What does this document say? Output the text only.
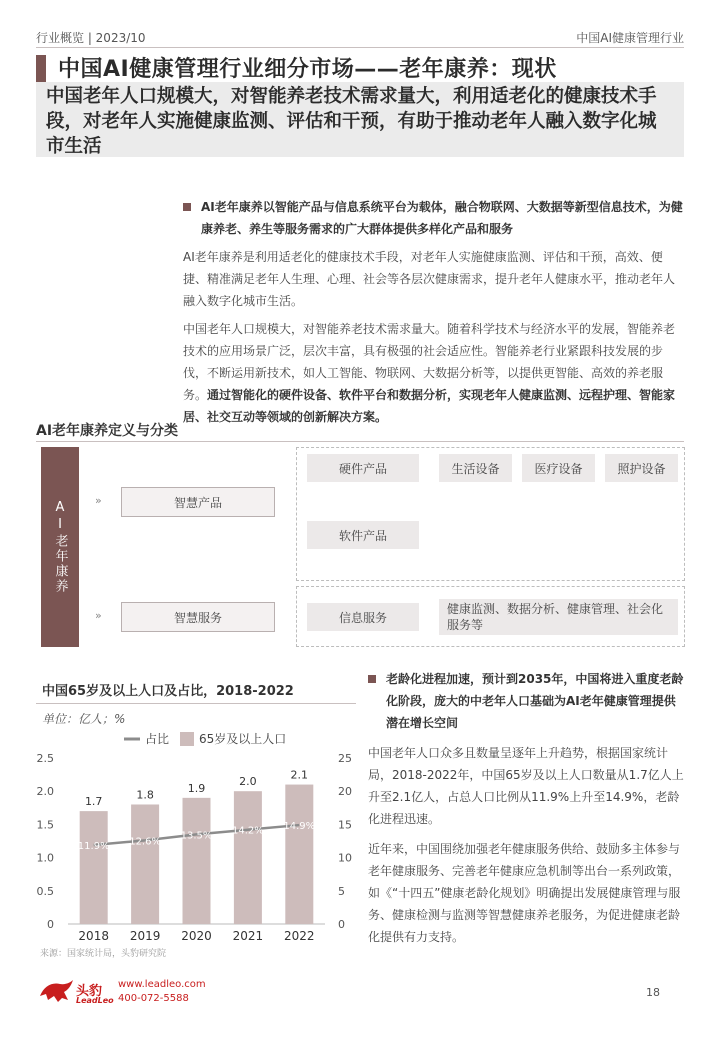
行业概览 | 2023/10	中国AI健康管理行业
中国AI健康管理行业细分市场——老年康养：现状

中国老年人口规模大，对智能养老技术需求量大，利用适老化的健康技术手段，对老年人实施健康监测、评估和干预，有助于推动老年人融入数字化城市生活

AI老年康养以智能产品与信息系统平台为载体，融合物联网、大数据等新型信息技术，为健康养老、养生等服务需求的广大群体提供多样化产品和服务

AI老年康养是利用适老化的健康技术手段，对老年人实施健康监测、评估和干预，高效、便捷、精准满足老年人生理、心理、社会等各层次健康需求，提升老年人健康水平，推动老年人融入数字化城市生活。

中国老年人口规模大，对智能养老技术需求量大。随着科学技术与经济水平的发展，智能养老技术的应用场景广泛，层次丰富，具有极强的社会适应性。智能养老行业紧跟科技发展的步伐，不断运用新技术，如人工智能、物联网、大数据分析等，以提供更智能、高效的养老服务。通过智能化的硬件设备、软件平台和数据分析，实现老年人健康监测、远程护理、智能家居、社交互动等领域的创新解决方案。

AI老年康养定义与分类
AI老年康养	»	智慧产品
硬件产品	生活设备	医疗设备	照护设备
软件产品
»	智慧服务	信息服务
健康监测、数据分析、健康管理、社会化服务等
中国65岁及以上人口及占比，2018-2022
单位：亿人；%
占比 65岁及以上人口
0
0.5
1.0
1.5
2.0
2.5
0
5
10
15
20
25
1.7
2018
1.8
2019
1.9
2020
2.0
2021
2.1
2022
11.9% 12.6%
13.5% 14.2% 14.9%
来源：国家统计局，头豹研究院
老龄化进程加速，预计到2035年，中国将进入重度老龄化阶段，庞大的中老年人口基础为AI老年健康管理提供潜在增长空间

中国老年人口众多且数量呈逐年上升趋势，根据国家统计局，2018-2022年，中国65岁及以上人口数量从1.7亿人上升至2.1亿人，占总人口比例从11.9%上升至14.9%，老龄化进程迅速。

近年来，中国围绕加强老年健康服务供给、鼓励多主体参与老年健康服务、完善老年健康应急机制等出台一系列政策，如《“十四五”健康老龄化规划》明确提出发展健康管理与服务、健康检测与监测等智慧健康养老服务，为促进健康老龄化提供有力支持。

头豹
LeadLeo
www.leadleo.com
400-072-5588	18
